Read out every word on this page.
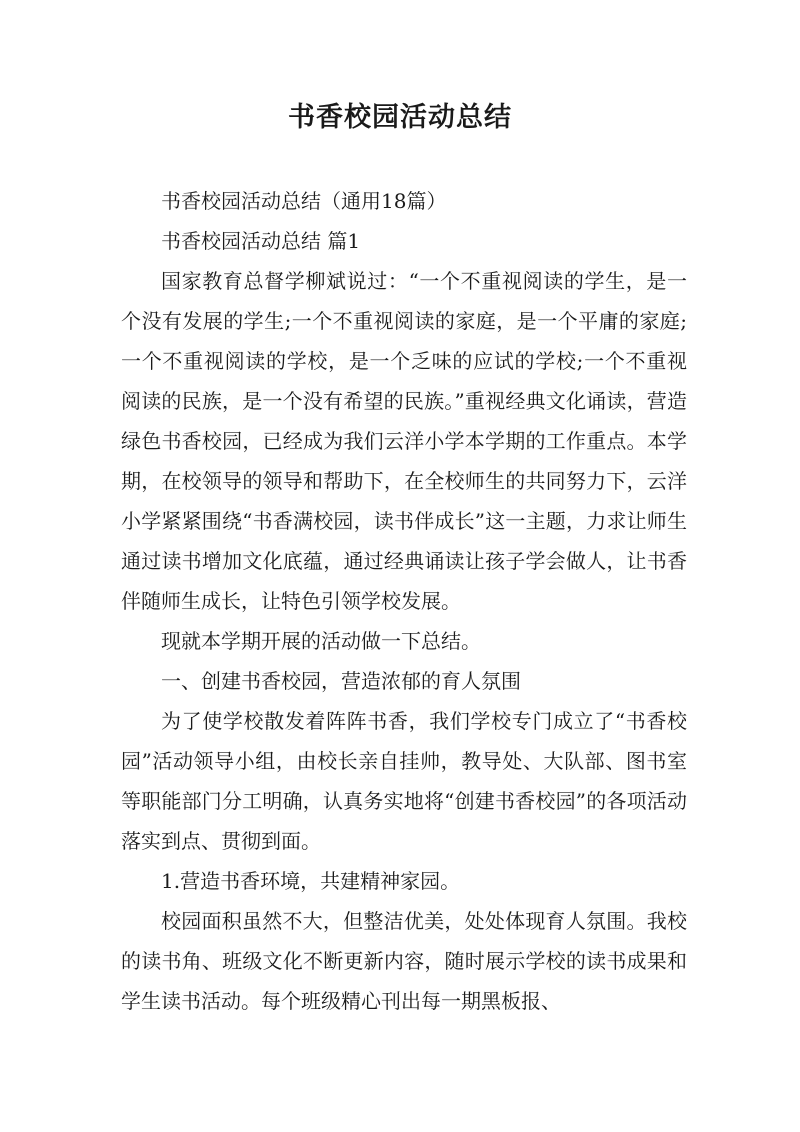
书香校园活动总结

书香校园活动总结（通用18篇）

书香校园活动总结 篇1

国家教育总督学柳斌说过：“一个不重视阅读的学生，是一个没有发展的学生;一个不重视阅读的家庭，是一个平庸的家庭;一个不重视阅读的学校，是一个乏味的应试的学校;一个不重视阅读的民族，是一个没有希望的民族。”重视经典文化诵读，营造绿色书香校园，已经成为我们云洋小学本学期的工作重点。本学期，在校领导的领导和帮助下，在全校师生的共同努力下，云洋小学紧紧围绕“书香满校园，读书伴成长”这一主题，力求让师生通过读书增加文化底蕴，通过经典诵读让孩子学会做人，让书香伴随师生成长，让特色引领学校发展。

现就本学期开展的活动做一下总结。

一、创建书香校园，营造浓郁的育人氛围

为了使学校散发着阵阵书香，我们学校专门成立了“书香校园”活动领导小组，由校长亲自挂帅，教导处、大队部、图书室等职能部门分工明确，认真务实地将“创建书香校园”的各项活动落实到点、贯彻到面。

1.营造书香环境，共建精神家园。

校园面积虽然不大，但整洁优美，处处体现育人氛围。我校的读书角、班级文化不断更新内容，随时展示学校的读书成果和学生读书活动。每个班级精心刊出每一期黑板报、
